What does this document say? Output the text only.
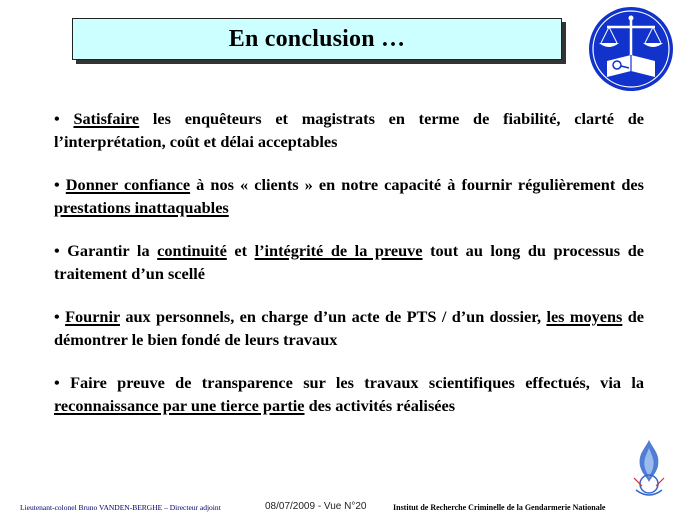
En conclusion …

• Satisfaire les enquêteurs et magistrats en terme de fiabilité, clarté de l’interprétation, coût et délai acceptables

• Donner confiance à nos « clients » en notre capacité à fournir régulièrement des prestations inattaquables

• Garantir la continuité et l’intégrité de la preuve tout au long du processus de traitement d’un scellé

• Fournir aux personnels, en charge d’un acte de PTS / d’un dossier, les moyens de démontrer le bien fondé de leurs travaux

• Faire preuve de transparence sur les travaux scientifiques effectués, via la reconnaissance par une tierce partie des activités réalisées

Lieutenant-colonel Bruno VANDEN-BERGHE – Directeur adjoint	08/07/2009 - Vue N°20	Institut de Recherche Criminelle de la Gendarmerie Nationale
